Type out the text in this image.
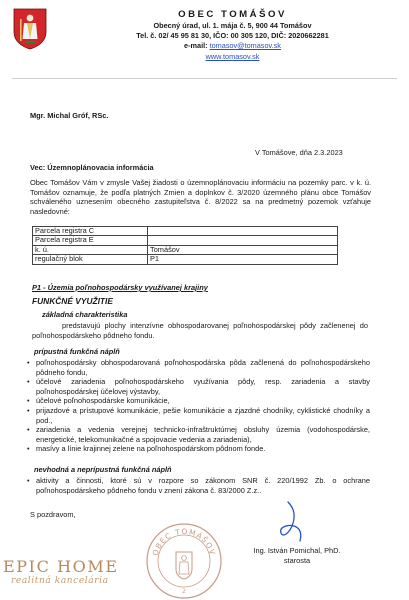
OBEC TOMÁŠOV
Obecný úrad, ul. 1. mája č. 5, 900 44 Tomášov
Tel. č. 02/ 45 95 81 30, IČO: 00 305 120, DIČ: 2020662281
e-mail: tomasov@tomasov.sk
www.tomasov.sk
Mgr. Michal Gróf, RSc.
V Tomášove, dňa 2.3.2023
Vec: Územnoplánovacia informácia
Obec Tomášov Vám v zmysle Vašej žiadosti o územnoplánovaciu informáciu na pozemky parc. v k. ú. Tomášov oznamuje, že podľa platných Zmien a doplnkov č. 3/2020 územného plánu obce Tomášov schváleného uznesením obecného zastupiteľstva č. 8/2022 sa na predmetný pozemok vzťahuje nasledovné:
Parcela registra C	
Parcela registra E	
k. ú.	Tomášov
regulačný blok	P1
P1 - Územia poľnohospodársky využívanej krajiny
FUNKČNÉ VYUŽITIE
základná charakteristika
predstavujú plochy intenzívne obhospodarovanej poľnohospodárskej pôdy začlenenej do poľnohospodárskeho pôdneho fondu.
prípustná funkčná náplň
• poľnohospodársky obhospodarovaná poľnohospodárska pôda začlenená do poľnohospodárskeho pôdneho fondu,
• účelové zariadenia poľnohospodárskeho využívania pôdy, resp. zariadenia a stavby poľnohospodárskej účelovej výstavby,
• účelové poľnohospodárske komunikácie,
• prijazdové a prístupové komunikácie, pešie komunikácie a zjazdné chodníky, cyklistické chodníky a pod.,
• zariadenia a vedenia verejnej technicko-infraštruktúrnej obsluhy územia (vodohospodárske, energetické, telekomunikačné a spojovacie vedenia a zariadenia),
• masívy a línie krajinnej zelene na poľnohospodárskom pôdnom fonde.
nevhodná a neprípustná funkčná náplň
• aktivity a činnosti, ktoré sú v rozpore so zákonom SNR č. 220/1992 Zb. o ochrane poľnohospodárskeho pôdneho fondu v znení zákona č. 83/2000 Z.z..
S pozdravom,
OBEC TOMÁŠOV
2
Ing. István Pomichal, PhD.
starosta
EPIC HOME
realitná kancelária
